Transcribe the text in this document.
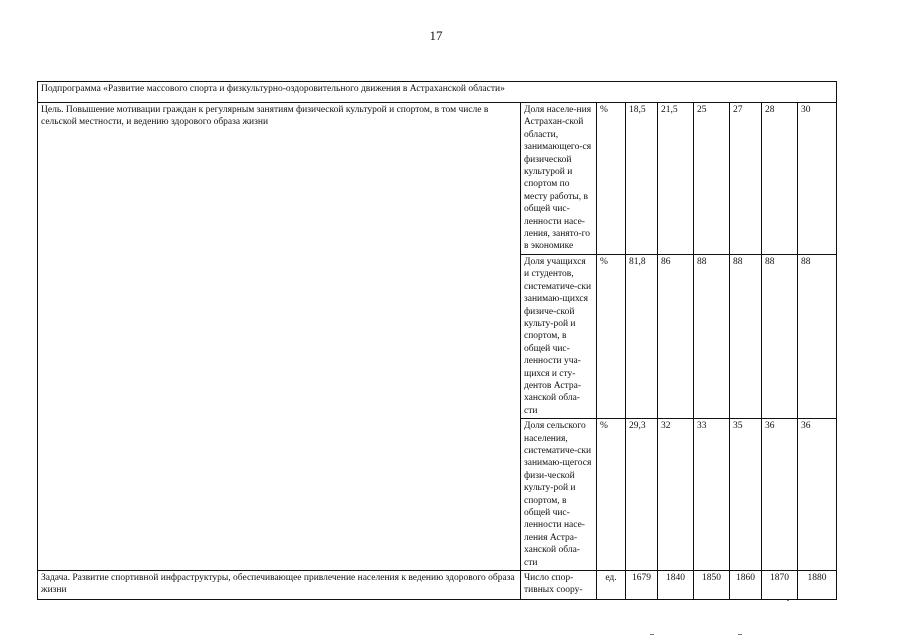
17
Подпрограмма «Развитие массового спорта и физкультурно-оздоровительного движения в Астраханской области»								
Цель. Повышение мотивации граждан к регулярным занятиям физической культурой и спортом, в том числе в сельской местности, и ведению здорового образа жизни	Доля населе-ния Астрахан-ской области, занимающего-ся физической культурой и спортом по месту работы, в общей чис-ленности насе-ления, занято-го в экономике	%	18,5	21,5	25	27	28	30
	Доля учащихся и студентов, систематиче-ски занимаю-щихся физиче-ской культу-рой и спортом, в общей чис-ленности уча-щихся и сту-дентов Астра-ханской обла-сти	%	81,8	86	88	88	88	88
	Доля сельского населения, систематиче-ски занимаю-щегося физи-ческой культу-рой и спортом, в общей чис-ленности насе-ления Астра-ханской обла-сти	%	29,3	32	33	35	36	36
Задача. Развитие спортивной инфраструктуры, обеспечивающее привлечение населения к ведению здорового образа жизни	Число спор-тивных соору-	ед.	1679	1840	1850	1860	1870	1880
